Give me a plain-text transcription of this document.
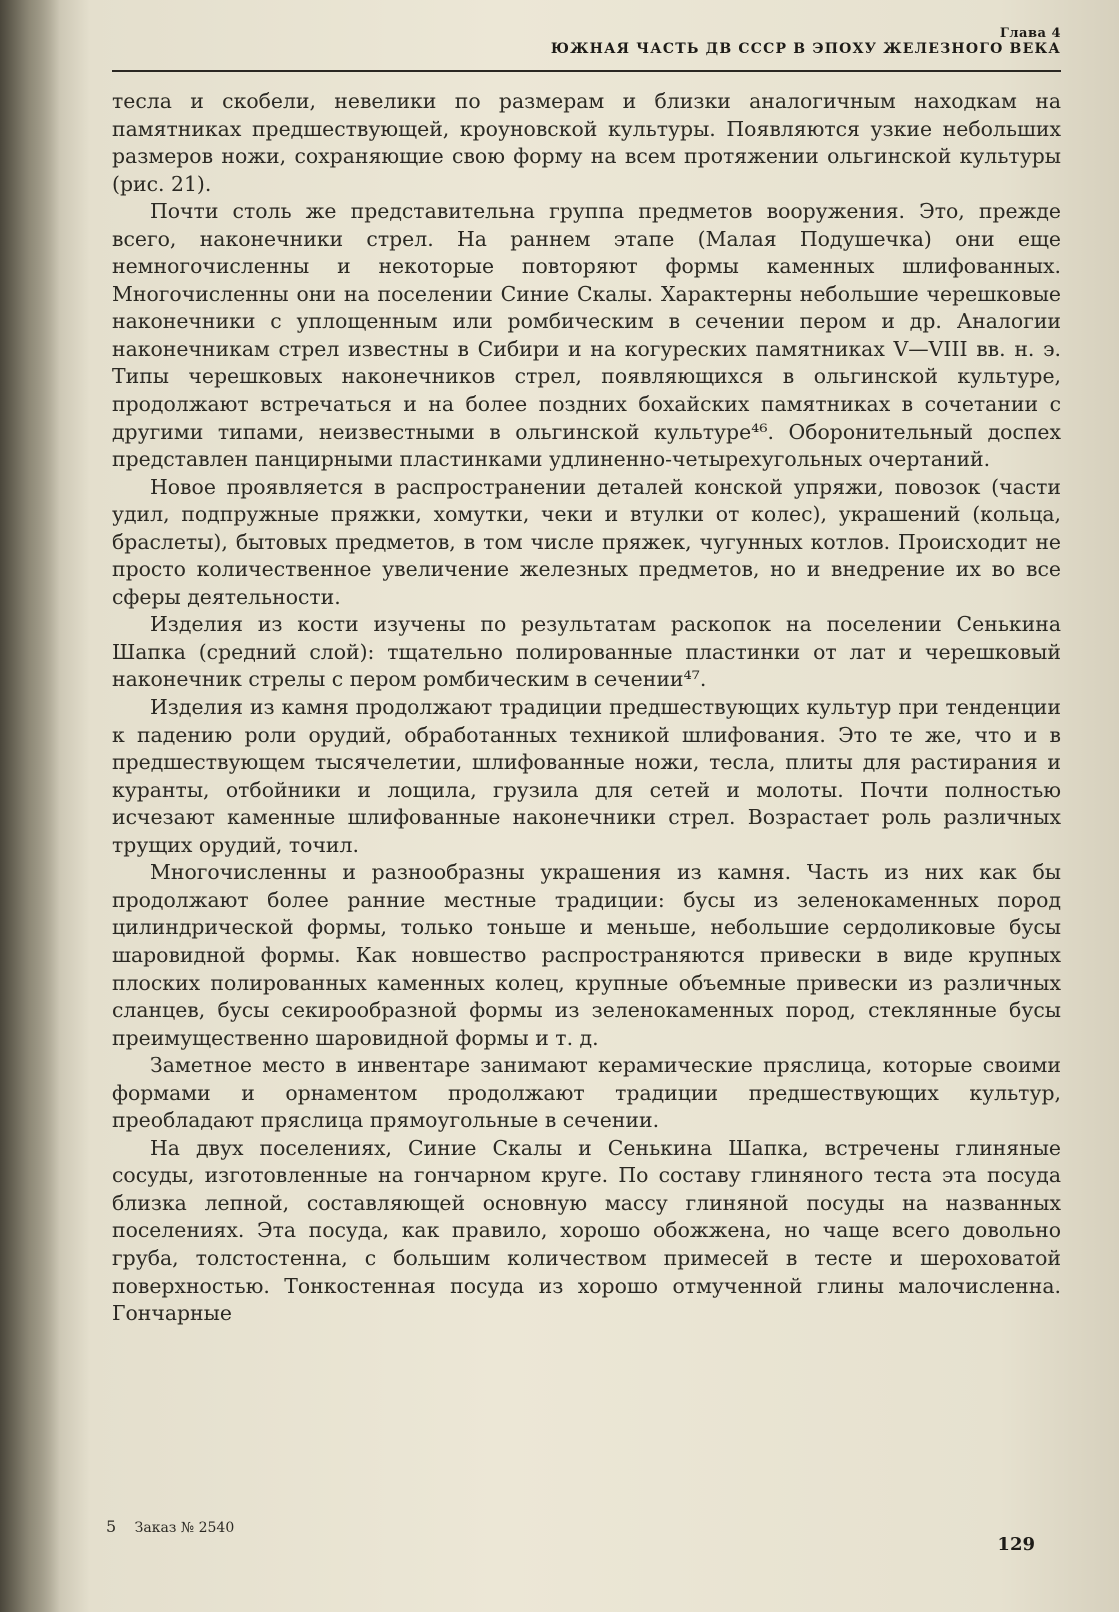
Глава 4
ЮЖНАЯ ЧАСТЬ ДВ СССР В ЭПОХУ ЖЕЛЕЗНОГО ВЕКА

тесла и скобели, невелики по размерам и близки аналогичным находкам на памятниках предшествующей, кроуновской культуры. Появляются узкие небольших размеров ножи, сохраняющие свою форму на всем протяжении ольгинской культуры (рис. 21).

Почти столь же представительна группа предметов вооружения. Это, прежде всего, наконечники стрел. На раннем этапе (Малая Подушечка) они еще немногочисленны и некоторые повторяют формы каменных шлифованных. Многочисленны они на поселении Синие Скалы. Характерны небольшие черешковые наконечники с уплощенным или ромбическим в сечении пером и др. Аналогии наконечникам стрел известны в Сибири и на когуреских памятниках V—VIII вв. н. э. Типы черешковых наконечников стрел, появляющихся в ольгинской культуре, продолжают встречаться и на более поздних бохайских памятниках в сочетании с другими типами, неизвестными в ольгинской культуре⁴⁶. Оборонительный доспех представлен панцирными пластинками удлиненно-четырехугольных очертаний.

Новое проявляется в распространении деталей конской упряжи, повозок (части удил, подпружные пряжки, хомутки, чеки и втулки от колес), украшений (кольца, браслеты), бытовых предметов, в том числе пряжек, чугунных котлов. Происходит не просто количественное увеличение железных предметов, но и внедрение их во все сферы деятельности.

Изделия из кости изучены по результатам раскопок на поселении Сенькина Шапка (средний слой): тщательно полированные пластинки от лат и черешковый наконечник стрелы с пером ромбическим в сечении⁴⁷.

Изделия из камня продолжают традиции предшествующих культур при тенденции к падению роли орудий, обработанных техникой шлифования. Это те же, что и в предшествующем тысячелетии, шлифованные ножи, тесла, плиты для растирания и куранты, отбойники и лощила, грузила для сетей и молоты. Почти полностью исчезают каменные шлифованные наконечники стрел. Возрастает роль различных трущих орудий, точил.

Многочисленны и разнообразны украшения из камня. Часть из них как бы продолжают более ранние местные традиции: бусы из зеленокаменных пород цилиндрической формы, только тоньше и меньше, небольшие сердоликовые бусы шаровидной формы. Как новшество распространяются привески в виде крупных плоских полированных каменных колец, крупные объемные привески из различных сланцев, бусы секирообразной формы из зеленокаменных пород, стеклянные бусы преимущественно шаровидной формы и т. д.

Заметное место в инвентаре занимают керамические пряслица, которые своими формами и орнаментом продолжают традиции предшествующих культур, преобладают пряслица прямоугольные в сечении.

На двух поселениях, Синие Скалы и Сенькина Шапка, встречены глиняные сосуды, изготовленные на гончарном круге. По составу глиняного теста эта посуда близка лепной, составляющей основную массу глиняной посуды на названных поселениях. Эта посуда, как правило, хорошо обожжена, но чаще всего довольно груба, толстостенна, с большим количеством примесей в тесте и шероховатой поверхностью. Тонкостенная посуда из хорошо отмученной глины малочисленна. Гончарные

5 Заказ № 2540
129
